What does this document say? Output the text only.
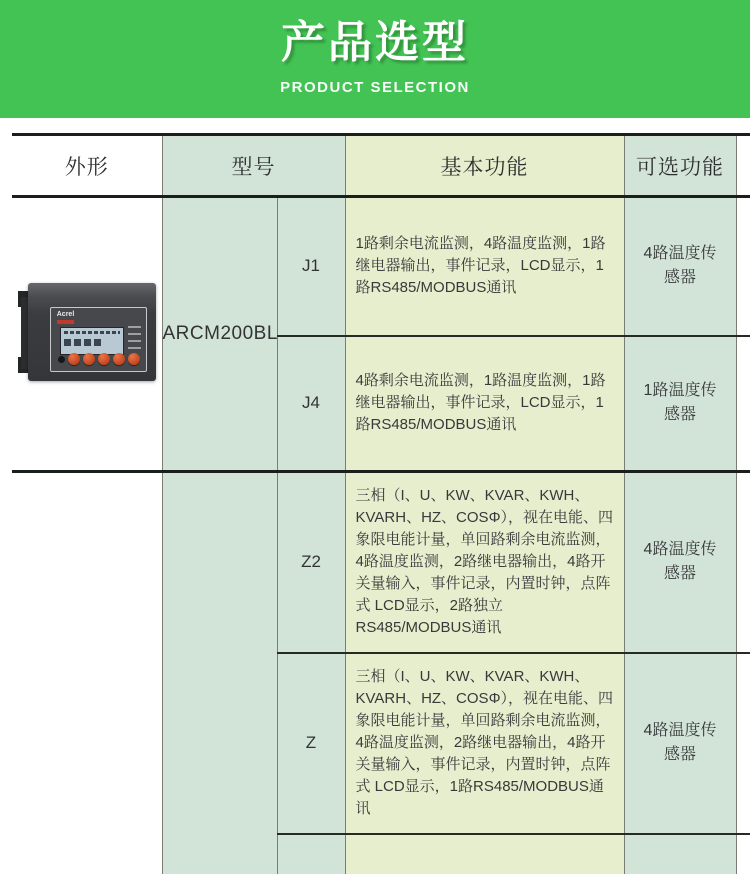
产品选型
PRODUCT SELECTION
外形	型号		基本功能	可选功能	

Acrel	ARCM200BL	J1	1路剩余电流监测，4路温度监测，1路继电器输出，事件记录，LCD显示，1路RS485/MODBUS通讯	4路温度传感器	
		J4	4路剩余电流监测，1路温度监测，1路继电器输出，事件记录，LCD显示，1路RS485/MODBUS通讯	1路温度传感器	
		Z2	三相（I、U、KW、KVAR、KWH、KVARH、HZ、COSΦ），视在电能、四象限电能计量，单回路剩余电流监测，4路温度监测，2路继电器输出，4路开关量输入，事件记录，内置时钟，点阵式 LCD显示，2路独立RS485/MODBUS通讯	4路温度传感器	
		Z	三相（I、U、KW、KVAR、KWH、KVARH、HZ、COSΦ），视在电能、四象限电能计量，单回路剩余电流监测，4路温度监测，2路继电器输出，4路开关量输入，事件记录，内置时钟，点阵式 LCD显示，1路RS485/MODBUS通讯	4路温度传感器	
